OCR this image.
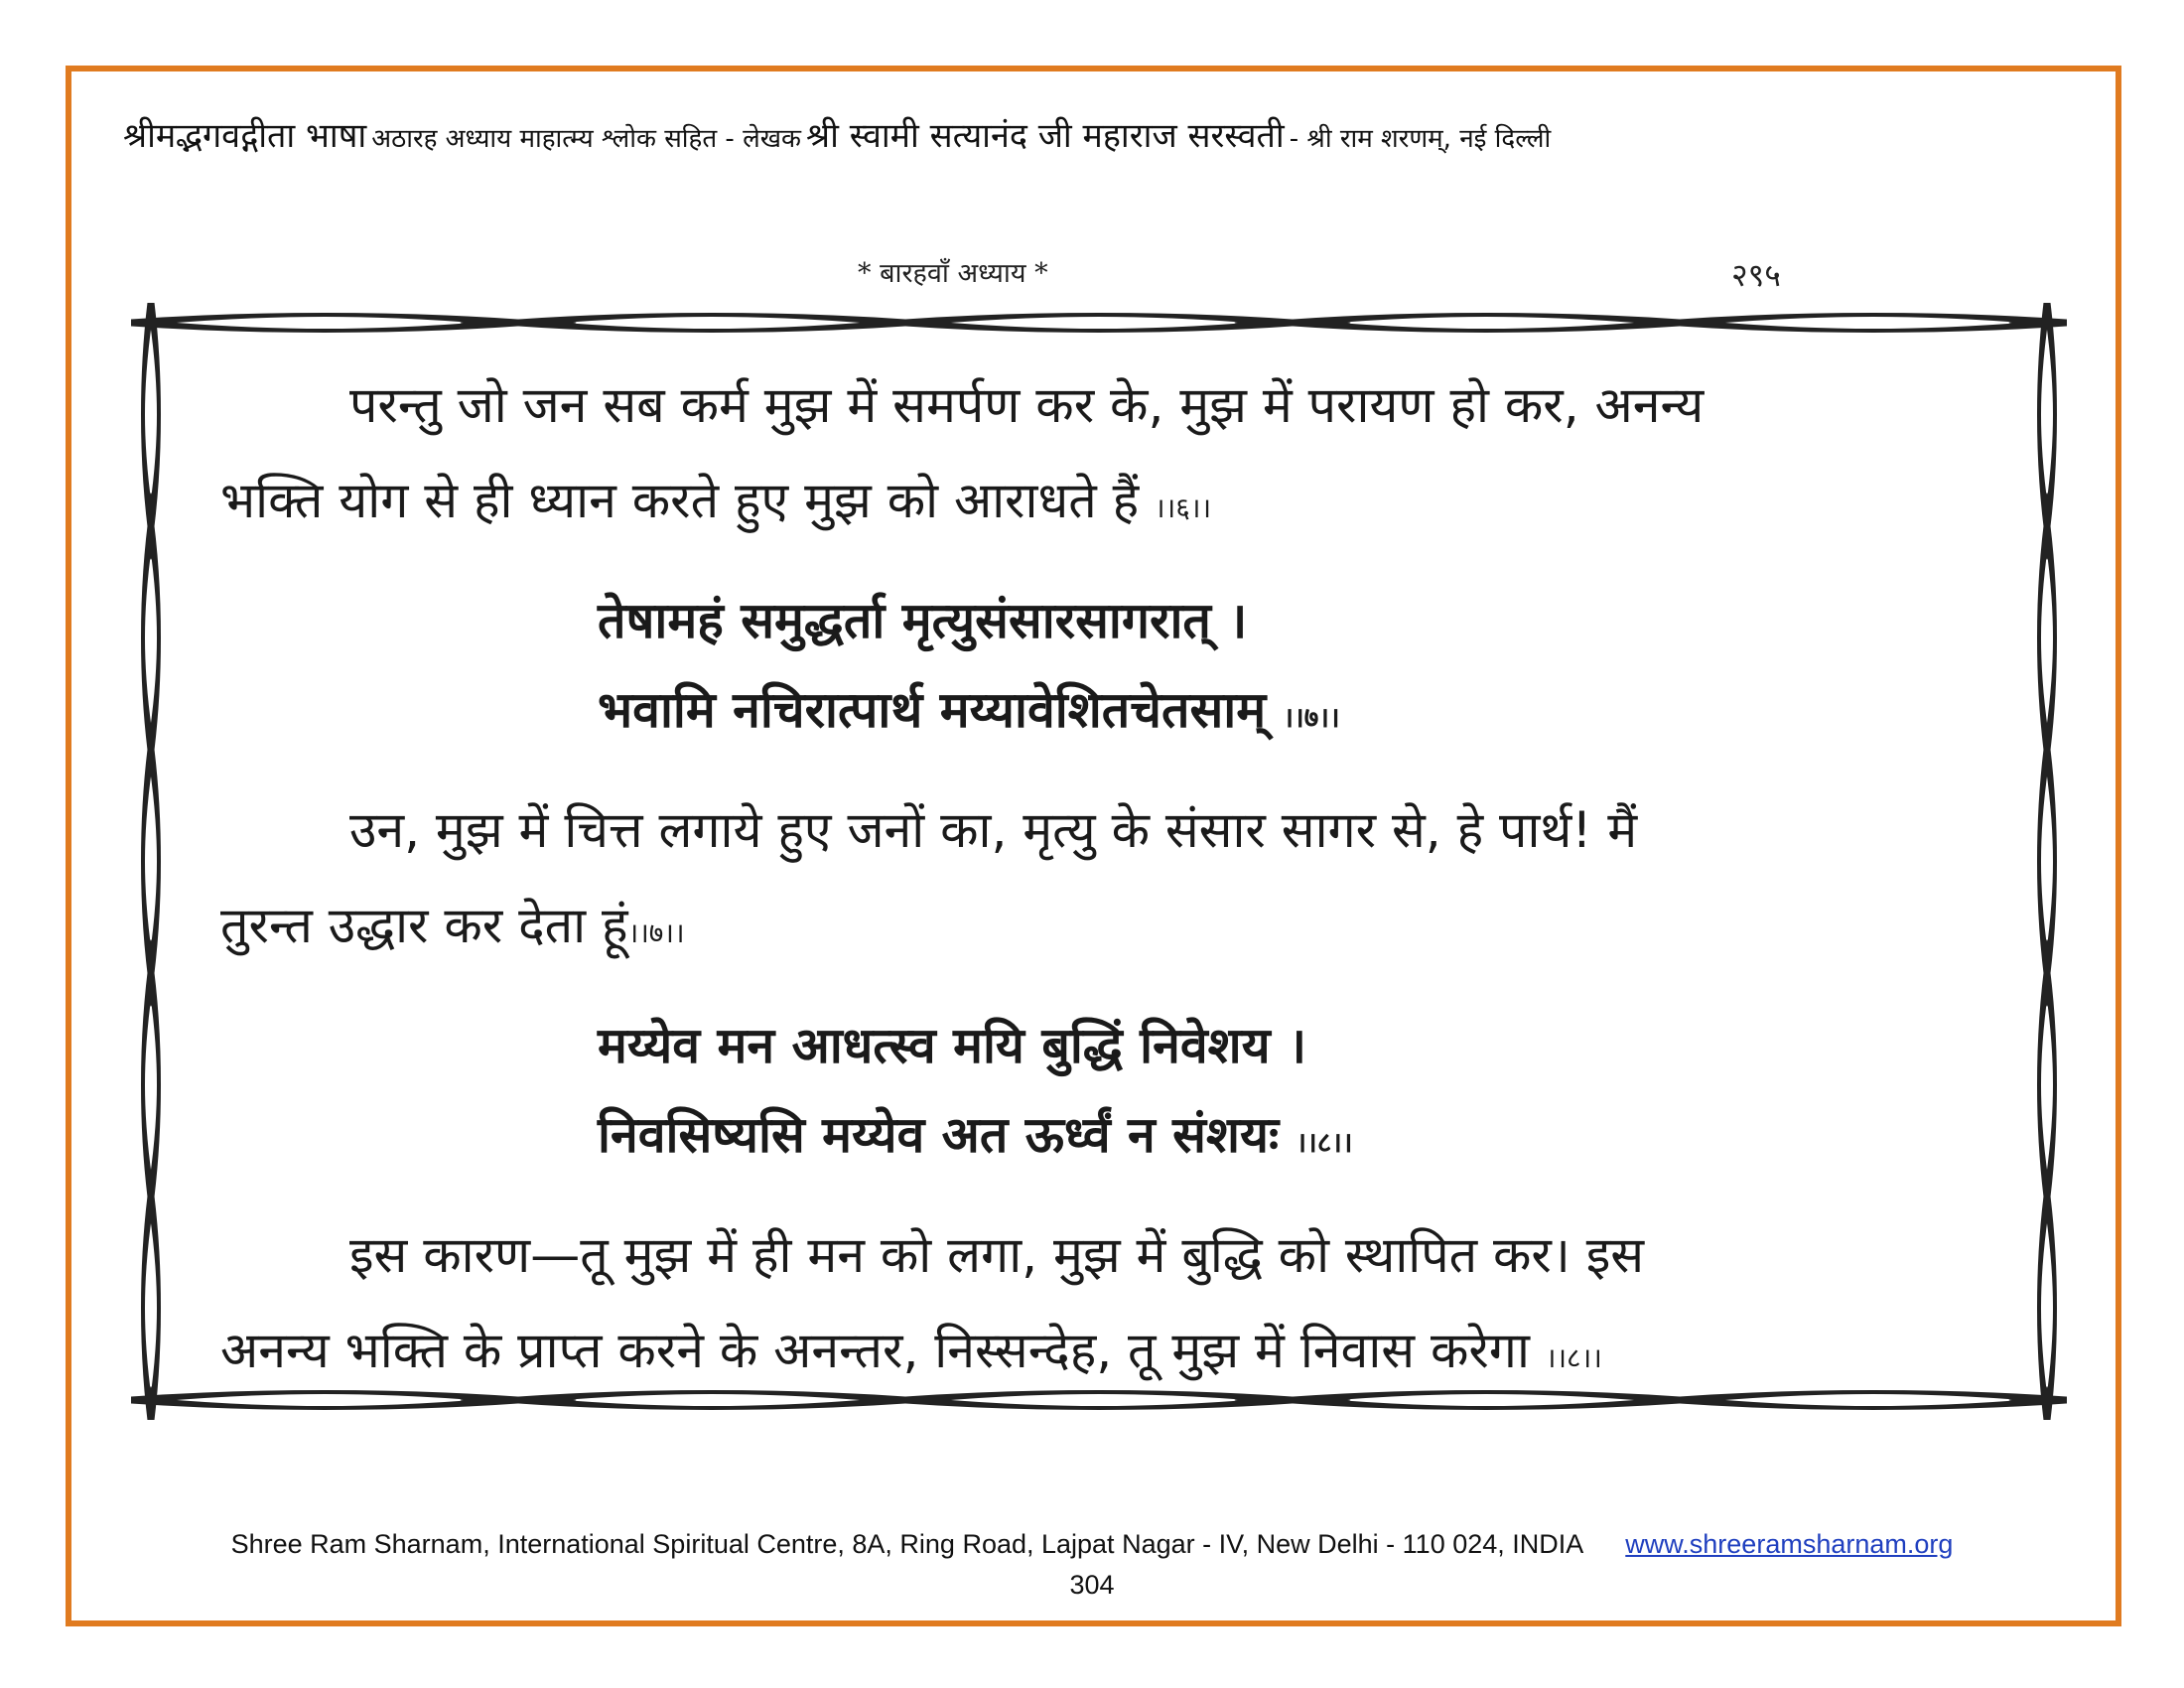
श्रीमद्भगवद्गीता भाषा अठारह अध्याय माहात्म्य श्लोक सहित - लेखक श्री स्वामी सत्यानंद जी महाराज सरस्वती - श्री राम शरणम्, नई दिल्ली
* बारहवाँ अध्याय *	२९५

परन्तु जो जन सब कर्म मुझ में समर्पण कर के, मुझ में परायण हो कर, अनन्य

भक्ति योग से ही ध्यान करते हुए मुझ को आराधते हैं ।।६।।

तेषामहं समुद्धर्ता मृत्युसंसारसागरात् ।

भवामि नचिरात्पार्थ मय्यावेशितचेतसाम् ।।७।।

उन, मुझ में चित्त लगाये हुए जनों का, मृत्यु के संसार सागर से, हे पार्थ! मैं

तुरन्त उद्धार कर देता हूं।।७।।

मय्येव मन आधत्स्व मयि बुद्धिं निवेशय ।

निवसिष्यसि मय्येव अत ऊर्ध्वं न संशयः ।।८।।

इस कारण—तू मुझ में ही मन को लगा, मुझ में बुद्धि को स्थापित कर। इस

अनन्य भक्ति के प्राप्त करने के अनन्तर, निस्सन्देह, तू मुझ में निवास करेगा ।।८।।

Shree Ram Sharnam, International Spiritual Centre, 8A, Ring Road, Lajpat Nagar - IV, New Delhi - 110 024, INDIA www.shreeramsharnam.org
304
